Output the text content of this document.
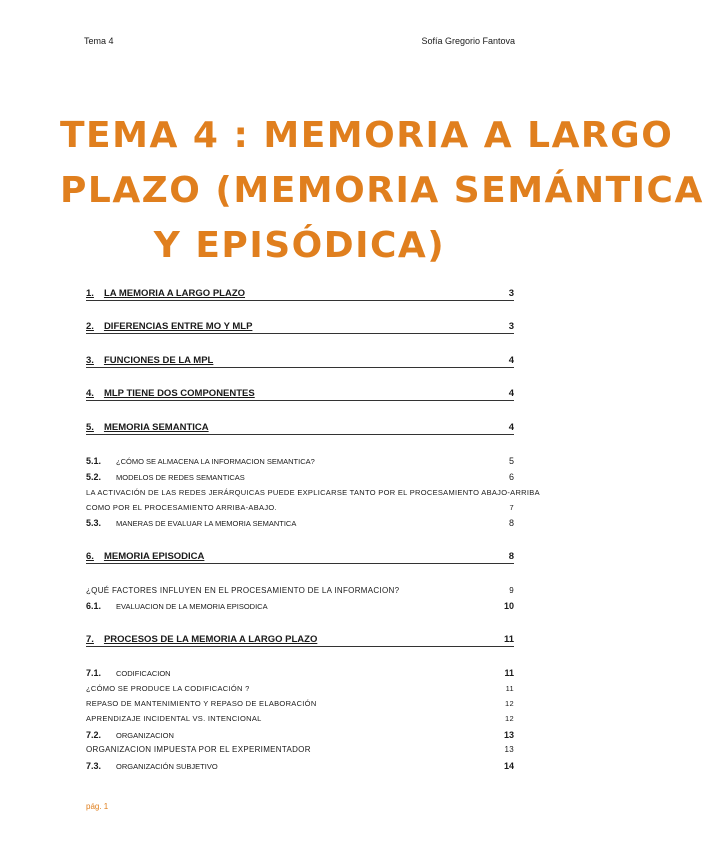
Tema 4	Sofía Gregorio Fantova
TEMA 4 : MEMORIA A LARGO
PLAZO (MEMORIA SEMÁNTICA
Y EPISÓDICA)
1. LA MEMORIA A LARGO PLAZO	3
2. DIFERENCIAS ENTRE MO Y MLP	3
3. FUNCIONES DE LA MPL	4
4. MLP TIENE DOS COMPONENTES	4
5. MEMORIA SEMANTICA	4
5.1. ¿CÓMO SE ALMACENA LA INFORMACION SEMANTICA?	5
5.2. MODELOS DE REDES SEMANTICAS	6
LA ACTIVACIÓN DE LAS REDES JERÁRQUICAS PUEDE EXPLICARSE TANTO POR EL PROCESAMIENTO ABAJO-ARRIBA
COMO POR EL PROCESAMIENTO ARRIBA-ABAJO.	7
5.3. MANERAS DE EVALUAR LA MEMORIA SEMANTICA	8
6. MEMORIA EPISODICA	8
¿QUÉ FACTORES INFLUYEN EN EL PROCESAMIENTO DE LA INFORMACION?	9
6.1. EVALUACION DE LA MEMORIA EPISODICA	10
7. PROCESOS DE LA MEMORIA A LARGO PLAZO	11
7.1. CODIFICACION	11
¿CÓMO SE PRODUCE LA CODIFICACIÓN ?	11
REPASO DE MANTENIMIENTO Y REPASO DE ELABORACIÓN	12
APRENDIZAJE INCIDENTAL VS. INTENCIONAL	12
7.2. ORGANIZACION	13
ORGANIZACION IMPUESTA POR EL EXPERIMENTADOR	13
7.3. ORGANIZACIÓN SUBJETIVO	14
pág. 1
